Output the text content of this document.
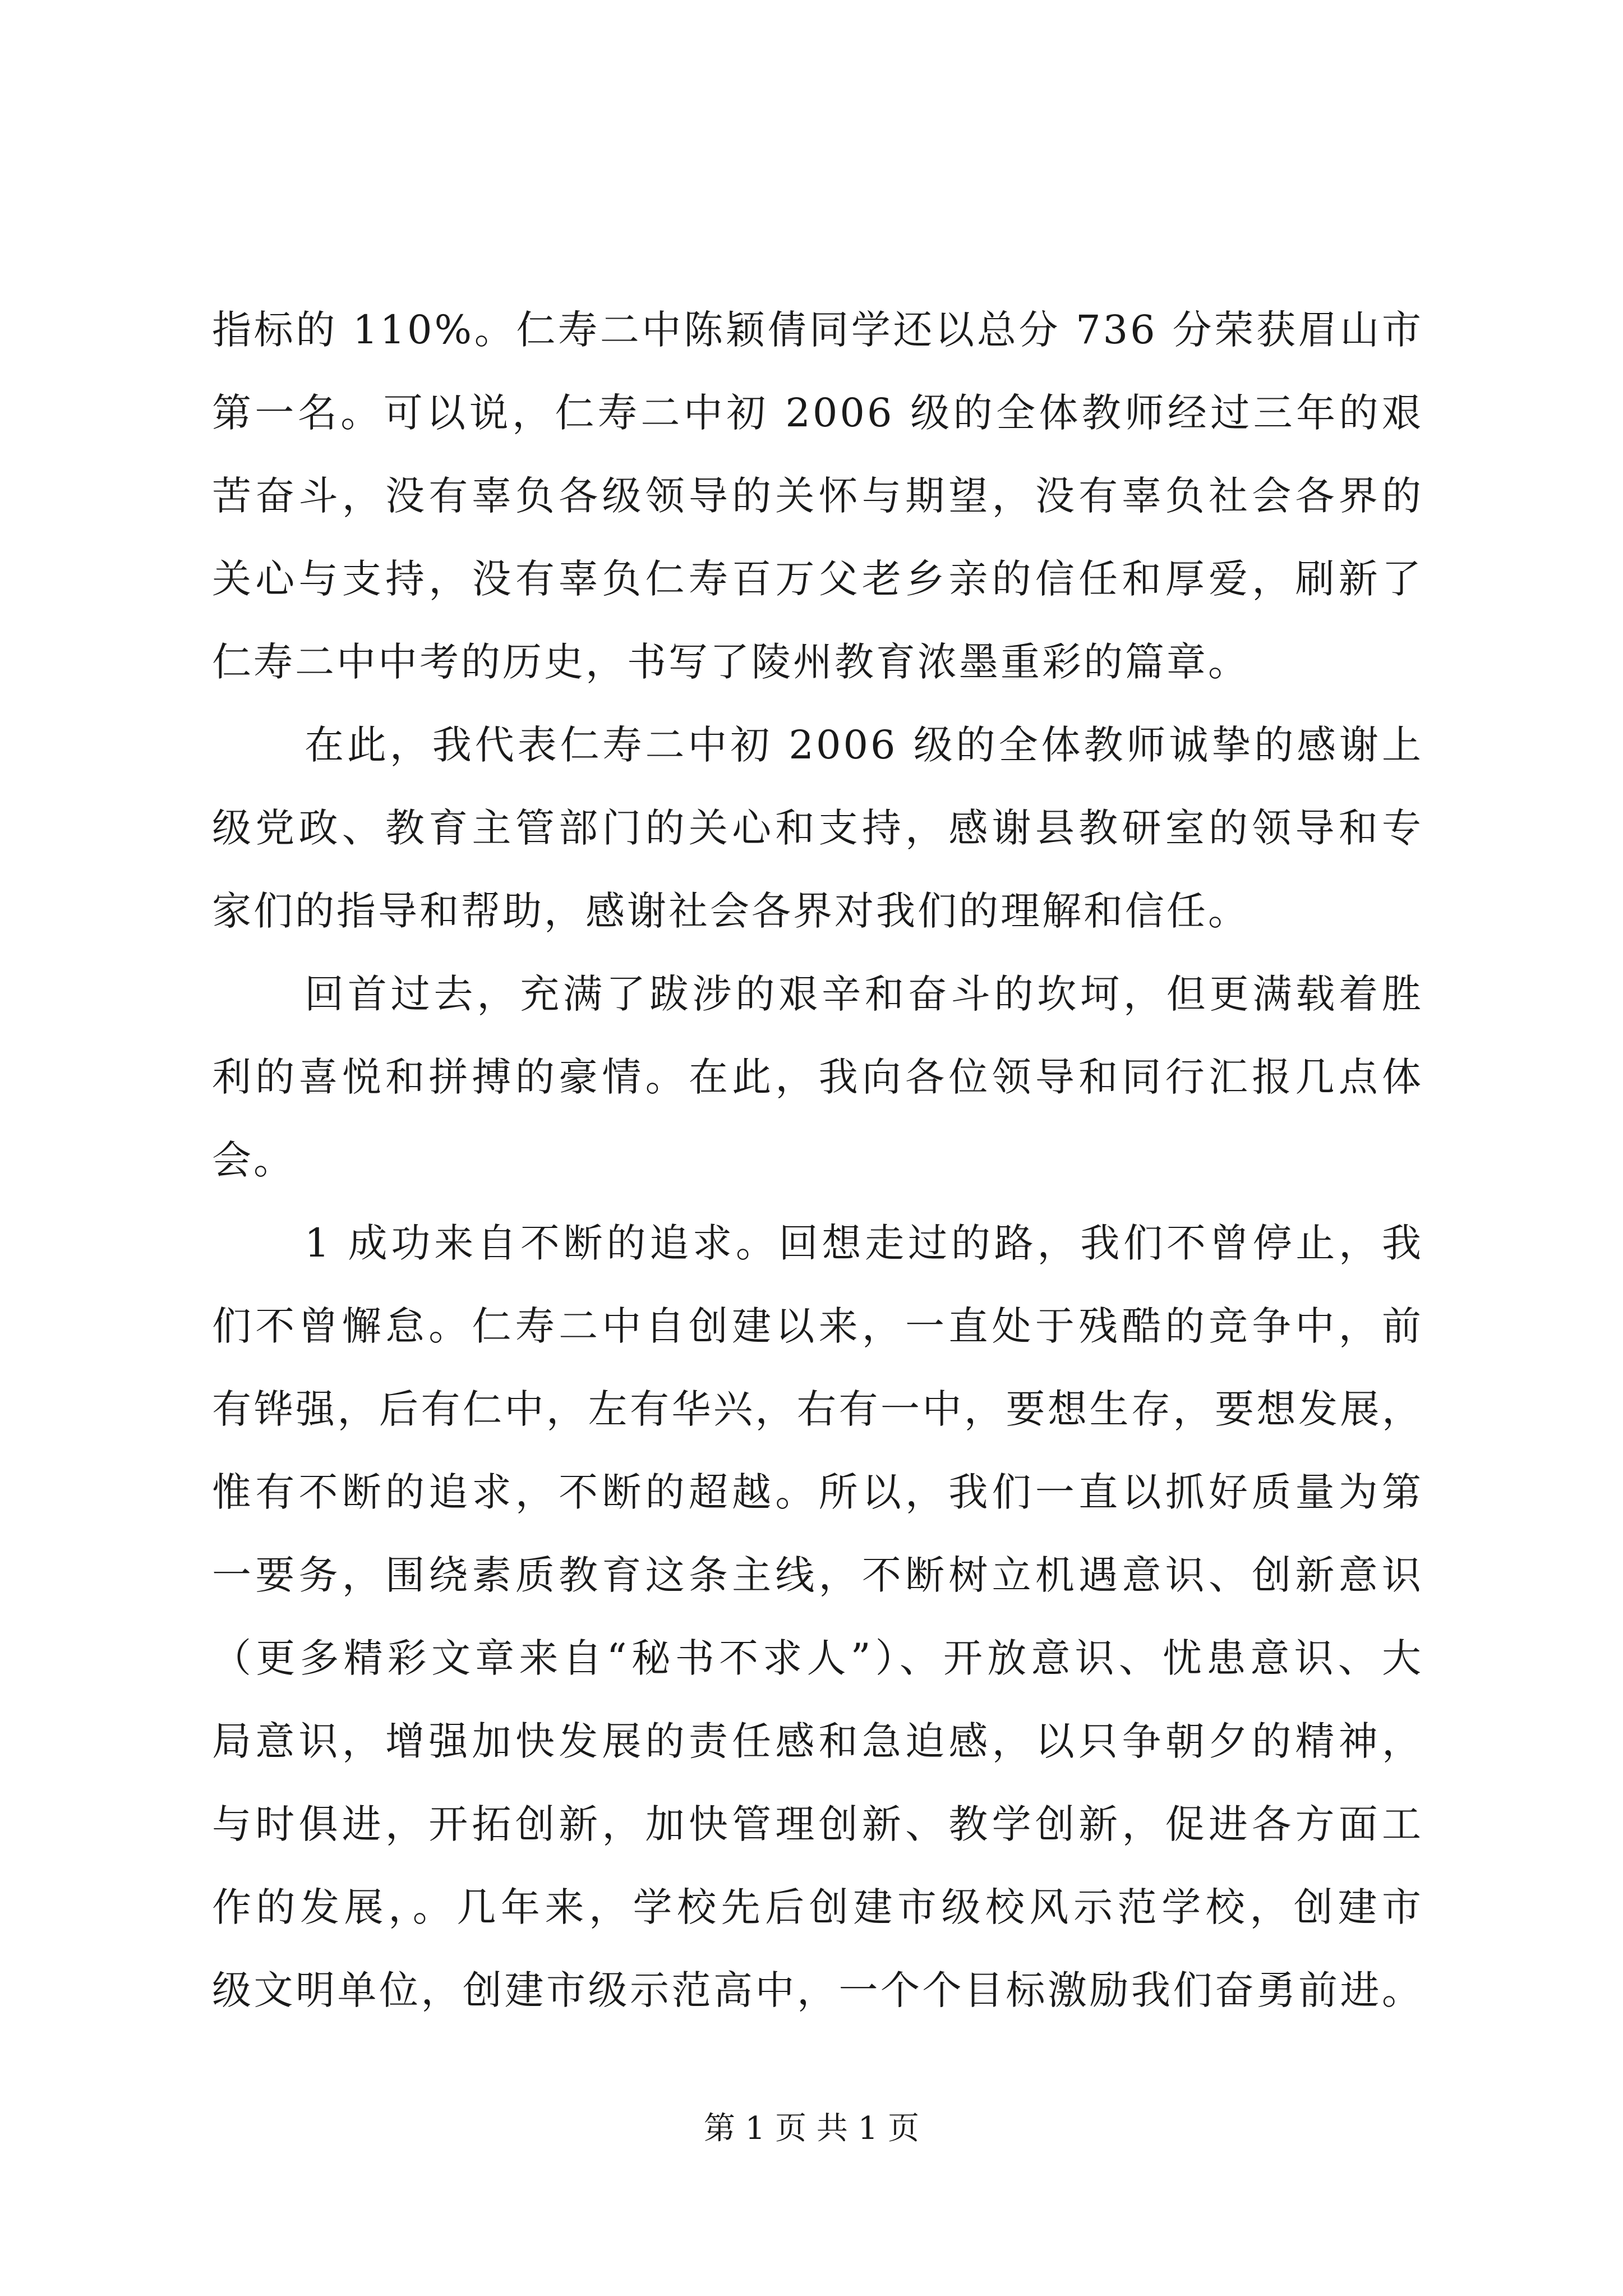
指标的 110%。仁寿二中陈颖倩同学还以总分 736 分荣获眉山市
第一名。可以说，仁寿二中初 2006 级的全体教师经过三年的艰
苦奋斗，没有辜负各级领导的关怀与期望，没有辜负社会各界的
关心与支持，没有辜负仁寿百万父老乡亲的信任和厚爱，刷新了
仁寿二中中考的历史，书写了陵州教育浓墨重彩的篇章。
在此，我代表仁寿二中初 2006 级的全体教师诚挚的感谢上
级党政、教育主管部门的关心和支持，感谢县教研室的领导和专
家们的指导和帮助，感谢社会各界对我们的理解和信任。
回首过去，充满了跋涉的艰辛和奋斗的坎坷，但更满载着胜
利的喜悦和拼搏的豪情。在此，我向各位领导和同行汇报几点体
会。
1 成功来自不断的追求。回想走过的路，我们不曾停止，我
们不曾懈怠。仁寿二中自创建以来，一直处于残酷的竞争中，前
有铧强，后有仁中，左有华兴，右有一中，要想生存，要想发展，
惟有不断的追求，不断的超越。所以，我们一直以抓好质量为第
一要务，围绕素质教育这条主线，不断树立机遇意识、创新意识
（更多精彩文章来自“秘书不求人”）、开放意识、忧患意识、大
局意识，增强加快发展的责任感和急迫感，以只争朝夕的精神，
与时俱进，开拓创新，加快管理创新、教学创新，促进各方面工
作的发展，。几年来，学校先后创建市级校风示范学校，创建市
级文明单位，创建市级示范高中，一个个目标激励我们奋勇前进。
第 1 页 共 1 页
